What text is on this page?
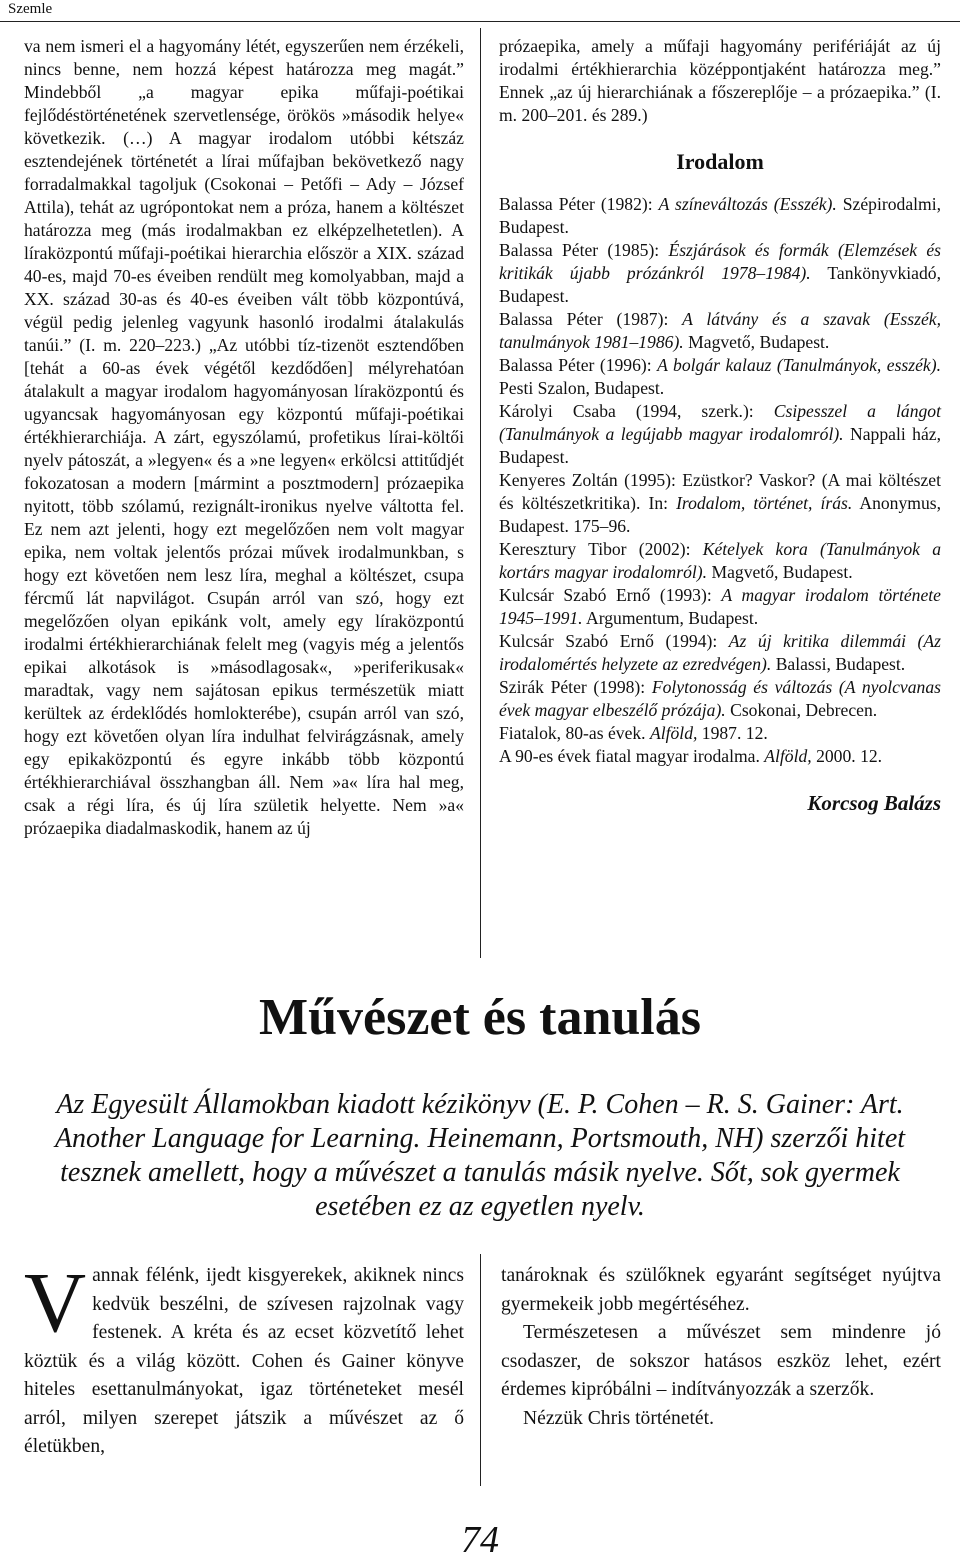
Szemle

va nem ismeri el a hagyomány létét, egyszerűen nem érzékeli, nincs benne, nem hozzá képest határozza meg magát.” Mindebből „a magyar epika műfaji-poétikai fejlődéstörténetének szervetlensége, örökös »második helye« következik. (…) A magyar irodalom utóbbi kétszáz esztendejének történetét a lírai műfajban bekövetkező nagy forradalmakkal tagoljuk (Csokonai – Petőfi – Ady – József Attila), tehát az ugrópontokat nem a próza, hanem a költészet határozza meg (más irodalmakban ez elképzelhetetlen). A líraközpontú műfaji-poétikai hierarchia először a XIX. század 40-es, majd 70-es éveiben rendült meg komolyabban, majd a XX. század 30-as és 40-es éveiben vált több központúvá, végül pedig jelenleg vagyunk hasonló irodalmi átalakulás tanúi.” (I. m. 220–223.) „Az utóbbi tíz-tizenöt esztendőben [tehát a 60-as évek végétől kezdődően] mélyrehatóan átalakult a magyar irodalom hagyományosan líraközpontú és ugyancsak hagyományosan egy központú műfaji-poétikai értékhierarchiája. A zárt, egyszólamú, profetikus lírai-költői nyelv pátoszát, a »legyen« és a »ne legyen« erkölcsi attitűdjét fokozatosan a modern [mármint a posztmodern] prózaepika nyitott, több szólamú, rezignált-ironikus nyelve váltotta fel. Ez nem azt jelenti, hogy ezt megelőzően nem volt magyar epika, nem voltak jelentős prózai művek irodalmunkban, s hogy ezt követően nem lesz líra, meghal a költészet, csupa fércmű lát napvilágot. Csupán arról van szó, hogy ezt megelőzően olyan epikánk volt, amely egy líraközpontú irodalmi értékhierarchiának felelt meg (vagyis még a jelentős epikai alkotások is »másodlagosak«, »periferikusak« maradtak, vagy nem sajátosan epikus természetük miatt kerültek az érdeklődés homlokterébe), csupán arról van szó, hogy ezt követően olyan líra indulhat felvirágzásnak, amely egy epikaközpontú és egyre inkább több központú értékhierarchiával összhangban áll. Nem »a« líra hal meg, csak a régi líra, és új líra születik helyette. Nem »a« prózaepika diadalmaskodik, hanem az új

prózaepika, amely a műfaji hagyomány perifériáját az új irodalmi értékhierarchia középpontjaként határozza meg.” Ennek „az új hierarchiának a főszereplője – a prózaepika.” (I. m. 200–201. és 289.)

Irodalom

Balassa Péter (1982): A színeváltozás (Esszék). Szépirodalmi, Budapest.

Balassa Péter (1985): Észjárások és formák (Elemzések és kritikák újabb prózánkról 1978–1984). Tankönyvkiadó, Budapest.

Balassa Péter (1987): A látvány és a szavak (Esszék, tanulmányok 1981–1986). Magvető, Budapest.

Balassa Péter (1996): A bolgár kalauz (Tanulmányok, esszék). Pesti Szalon, Budapest.

Károlyi Csaba (1994, szerk.): Csipesszel a lángot (Tanulmányok a legújabb magyar irodalomról). Nappali ház, Budapest.

Kenyeres Zoltán (1995): Ezüstkor? Vaskor? (A mai költészet és költészetkritika). In: Irodalom, történet, írás. Anonymus, Budapest. 175–96.

Keresztury Tibor (2002): Kételyek kora (Tanulmányok a kortárs magyar irodalomról). Magvető, Budapest.

Kulcsár Szabó Ernő (1993): A magyar irodalom története 1945–1991. Argumentum, Budapest.

Kulcsár Szabó Ernő (1994): Az új kritika dilemmái (Az irodalomértés helyzete az ezredvégen). Balassi, Budapest.

Szirák Péter (1998): Folytonosság és változás (A nyolcvanas évek magyar elbeszélő prózája). Csokonai, Debrecen.

Fiatalok, 80-as évek. Alföld, 1987. 12.

A 90-es évek fiatal magyar irodalma. Alföld, 2000. 12.

Korcsog Balázs

Művészet és tanulás
Az Egyesült Államokban kiadott kézikönyv (E. P. Cohen – R. S. Gainer: Art. Another Language for Learning. Heinemann, Portsmouth, NH) szerzői hitet tesznek amellett, hogy a művészet a tanulás másik nyelve. Sőt, sok gyermek esetében ez az egyetlen nyelv.

V annak félénk, ijedt kisgyerekek, akiknek nincs kedvük beszélni, de szívesen rajzolnak vagy festenek. A kréta és az ecset közvetítő lehet köztük és a világ között. Cohen és Gainer könyve hiteles esettanulmányokat, igaz történeteket mesél arról, milyen szerepet játszik a művészet az ő életükben,

tanároknak és szülőknek egyaránt segítséget nyújtva gyermekeik jobb megértéséhez.

Természetesen a művészet sem mindenre jó csodaszer, de sokszor hatásos eszköz lehet, ezért érdemes kipróbálni – indítványozzák a szerzők.

Nézzük Chris történetét.

74
